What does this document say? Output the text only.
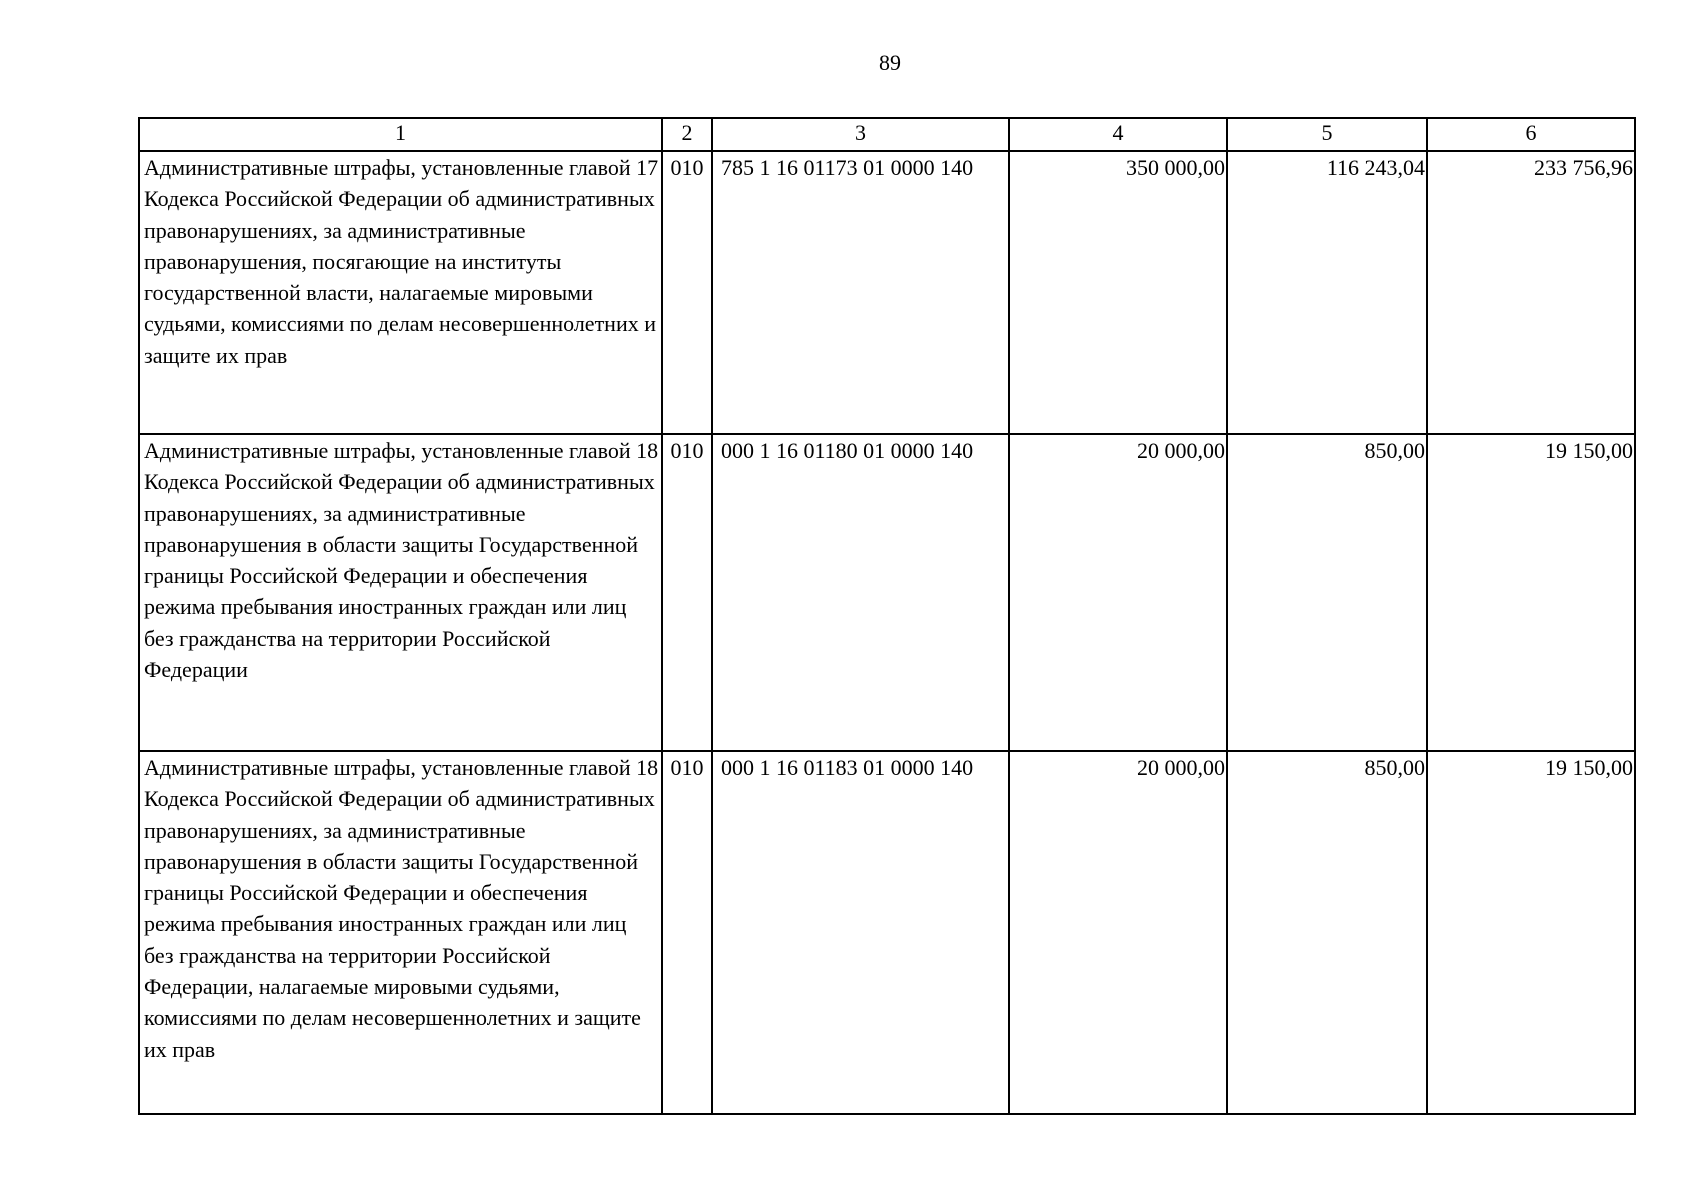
89
1	2	3	4	5	6
Административные штрафы, установленные главой 17 Кодекса Российской Федерации об административных правонарушениях, за административные правонарушения, посягающие на институты государственной власти, налагаемые мировыми судьями, комиссиями по делам несовершеннолетних и защите их прав	010	785 1 16 01173 01 0000 140	350 000,00	116 243,04	233 756,96
Административные штрафы, установленные главой 18 Кодекса Российской Федерации об административных правонарушениях, за административные правонарушения в области защиты Государственной границы Российской Федерации и обеспечения режима пребывания иностранных граждан или лиц без гражданства на территории Российской Федерации	010	000 1 16 01180 01 0000 140	20 000,00	850,00	19 150,00
Административные штрафы, установленные главой 18 Кодекса Российской Федерации об административных правонарушениях, за административные правонарушения в области защиты Государственной границы Российской Федерации и обеспечения режима пребывания иностранных граждан или лиц без гражданства на территории Российской Федерации, налагаемые мировыми судьями, комиссиями по делам несовершеннолетних и защите их прав	010	000 1 16 01183 01 0000 140	20 000,00	850,00	19 150,00
